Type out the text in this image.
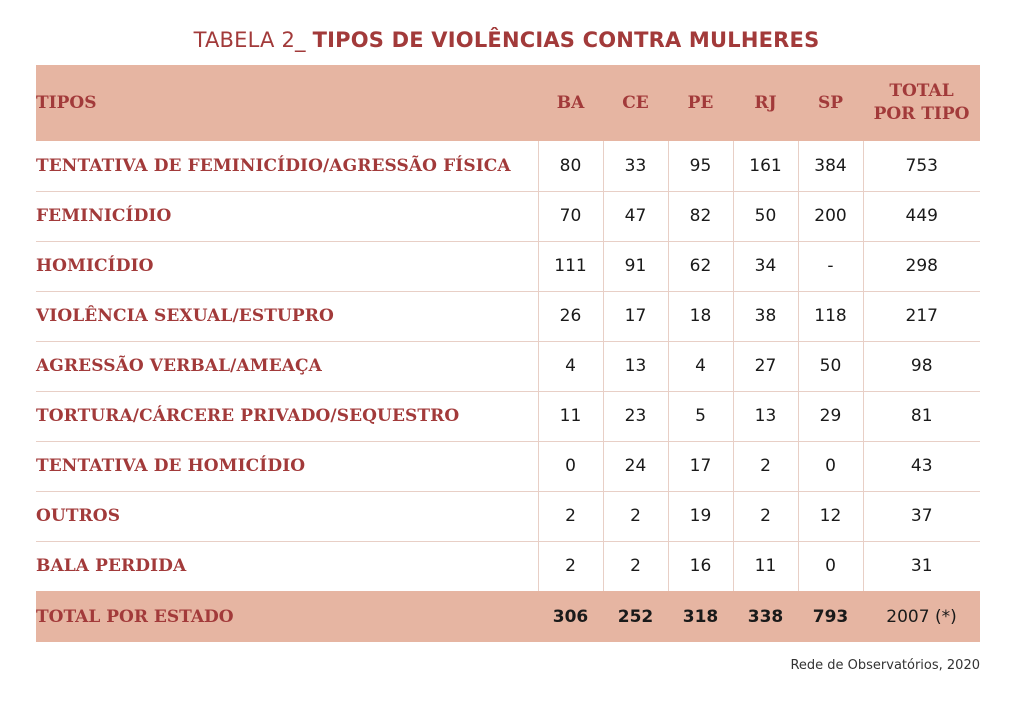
TABELA 2_ TIPOS DE VIOLÊNCIAS CONTRA MULHERES
TIPOS	BA	CE	PE	RJ	SP	TOTAL
POR TIPO

TENTATIVA DE FEMINICÍDIO/AGRESSÃO FÍSICA	80	33	95	161	384	753
FEMINICÍDIO	70	47	82	50	200	449
HOMICÍDIO	111	91	62	34	-	298
VIOLÊNCIA SEXUAL/ESTUPRO	26	17	18	38	118	217
AGRESSÃO VERBAL/AMEAÇA	4	13	4	27	50	98
TORTURA/CÁRCERE PRIVADO/SEQUESTRO	11	23	5	13	29	81
TENTATIVA DE HOMICÍDIO	0	24	17	2	0	43
OUTROS	2	2	19	2	12	37
BALA PERDIDA	2	2	16	11	0	31
TOTAL POR ESTADO	306	252	318	338	793	2007 (*)
Rede de Observatórios, 2020
